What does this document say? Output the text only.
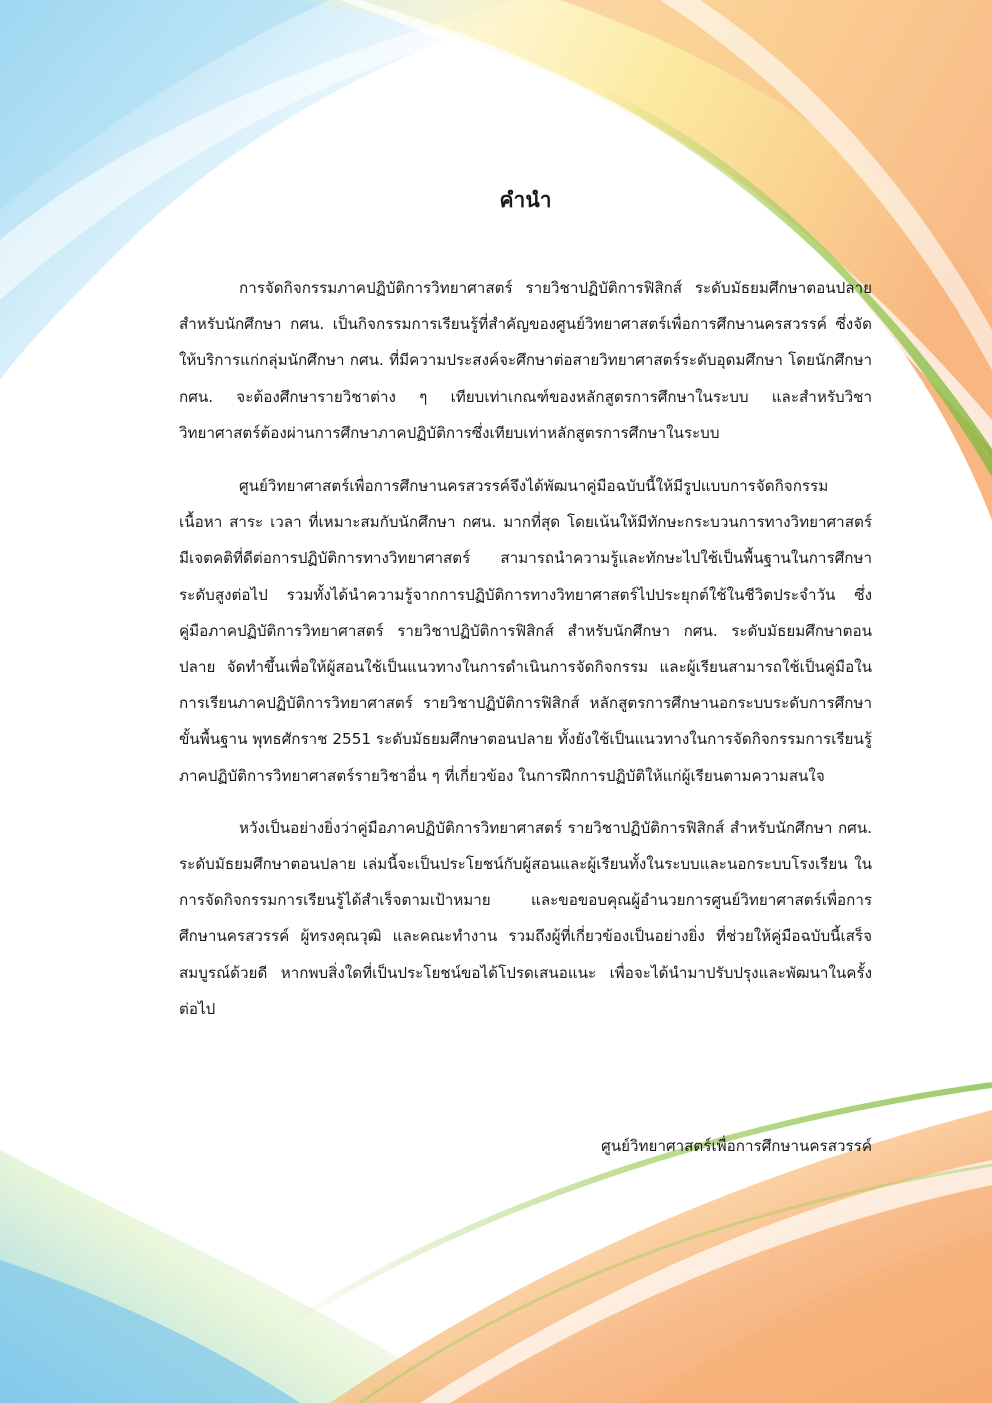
คำนำ

การจัดกิจกรรมภาคปฏิบัติการวิทยาศาสตร์ รายวิชาปฏิบัติการฟิสิกส์ ระดับมัธยมศึกษาตอนปลาย สำหรับนักศึกษา กศน. เป็นกิจกรรมการเรียนรู้ที่สำคัญของศูนย์วิทยาศาสตร์เพื่อการศึกษานครสวรรค์ ซึ่งจัดให้บริการแก่กลุ่มนักศึกษา กศน. ที่มีความประสงค์จะศึกษาต่อสายวิทยาศาสตร์ระดับอุดมศึกษา โดยนักศึกษา กศน. จะต้องศึกษารายวิชาต่าง ๆ เทียบเท่าเกณฑ์ของหลักสูตรการศึกษาในระบบ และสำหรับวิชาวิทยาศาสตร์ต้องผ่านการศึกษาภาคปฏิบัติการซึ่งเทียบเท่าหลักสูตรการศึกษาในระบบ

ศูนย์วิทยาศาสตร์เพื่อการศึกษานครสวรรค์จึงได้พัฒนาคู่มือฉบับนี้ให้มีรูปแบบการจัดกิจกรรม เนื้อหา สาระ เวลา ที่เหมาะสมกับนักศึกษา กศน. มากที่สุด โดยเน้นให้มีทักษะกระบวนการทางวิทยาศาสตร์ มีเจตคติที่ดีต่อการปฏิบัติการทางวิทยาศาสตร์ สามารถนำความรู้และทักษะไปใช้เป็นพื้นฐานในการศึกษาระดับสูงต่อไป รวมทั้งได้นำความรู้จากการปฏิบัติการทางวิทยาศาสตร์ไปประยุกต์ใช้ในชีวิตประจำวัน ซึ่งคู่มือภาคปฏิบัติการวิทยาศาสตร์ รายวิชาปฏิบัติการฟิสิกส์ สำหรับนักศึกษา กศน. ระดับมัธยมศึกษาตอนปลาย จัดทำขึ้นเพื่อให้ผู้สอนใช้เป็นแนวทางในการดำเนินการจัดกิจกรรม และผู้เรียนสามารถใช้เป็นคู่มือในการเรียนภาคปฏิบัติการวิทยาศาสตร์ รายวิชาปฏิบัติการฟิสิกส์ หลักสูตรการศึกษานอกระบบระดับการศึกษาขั้นพื้นฐาน พุทธศักราช 2551 ระดับมัธยมศึกษาตอนปลาย ทั้งยังใช้เป็นแนวทางในการจัดกิจกรรมการเรียนรู้ภาคปฏิบัติการวิทยาศาสตร์รายวิชาอื่น ๆ ที่เกี่ยวข้อง ในการฝึกการปฏิบัติให้แก่ผู้เรียนตามความสนใจ

หวังเป็นอย่างยิ่งว่าคู่มือภาคปฏิบัติการวิทยาศาสตร์ รายวิชาปฏิบัติการฟิสิกส์ สำหรับนักศึกษา กศน. ระดับมัธยมศึกษาตอนปลาย เล่มนี้จะเป็นประโยชน์กับผู้สอนและผู้เรียนทั้งในระบบและนอกระบบโรงเรียน ในการจัดกิจกรรมการเรียนรู้ได้สำเร็จตามเป้าหมาย และขอขอบคุณผู้อำนวยการศูนย์วิทยาศาสตร์เพื่อการศึกษานครสวรรค์ ผู้ทรงคุณวุฒิ และคณะทำงาน รวมถึงผู้ที่เกี่ยวข้องเป็นอย่างยิ่ง ที่ช่วยให้คู่มือฉบับนี้เสร็จสมบูรณ์ด้วยดี หากพบสิ่งใดที่เป็นประโยชน์ขอได้โปรดเสนอแนะ เพื่อจะได้นำมาปรับปรุงและพัฒนาในครั้งต่อไป

ศูนย์วิทยาศาสตร์เพื่อการศึกษานครสวรรค์
